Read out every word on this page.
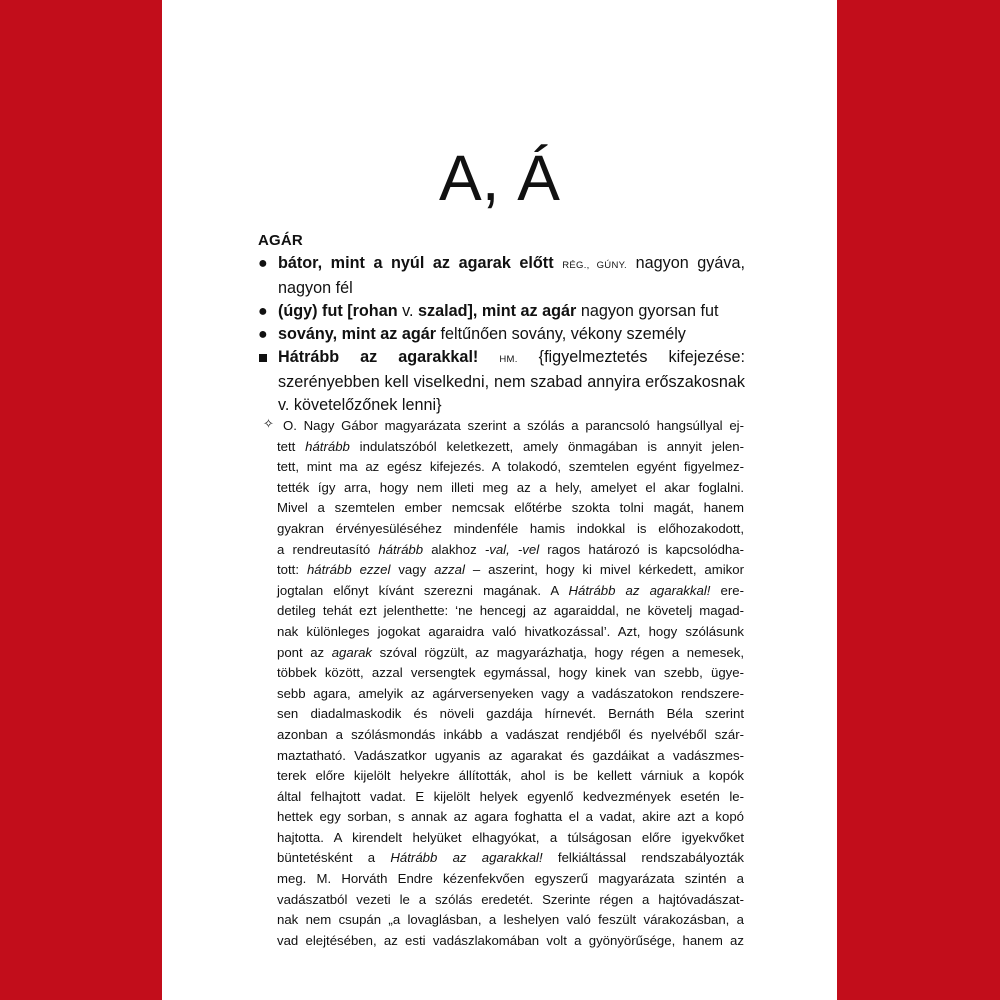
A, Á
AGÁR

● bátor, mint a nyúl az agarak előtt RÉG., GÚNY. nagyon gyáva, nagyon fél

● (úgy) fut [rohan v. szalad], mint az agár nagyon gyorsan fut

● sovány, mint az agár feltűnően sovány, vékony személy

Hátrább az agarakkal! HM. {figyelmeztetés kifejezése: szerényebben kell viselkedni, nem szabad annyira erőszakosnak v. követelőzőnek lenni}

✧ O. Nagy Gábor magyarázata szerint a szólás a parancsoló hangsúllyal ej-
tett hátrább indulatszóból keletkezett, amely önmagában is annyit jelen-
tett, mint ma az egész kifejezés. A tolakodó, szemtelen egyént figyelmez-
tették így arra, hogy nem illeti meg az a hely, amelyet el akar foglalni.
Mivel a szemtelen ember nemcsak előtérbe szokta tolni magát, hanem
gyakran érvényesüléséhez mindenféle hamis indokkal is előhozakodott,
a rendreutasító hátrább alakhoz -val, -vel ragos határozó is kapcsolódha-
tott: hátrább ezzel vagy azzal – aszerint, hogy ki mivel kérkedett, amikor
jogtalan előnyt kívánt szerezni magának. A Hátrább az agarakkal! ere-
detileg tehát ezt jelenthette: ‘ne hencegj az agaraiddal, ne követelj magad-
nak különleges jogokat agaraidra való hivatkozással’. Azt, hogy szólásunk
pont az agarak szóval rögzült, az magyarázhatja, hogy régen a nemesek,
többek között, azzal versengtek egymással, hogy kinek van szebb, ügye-
sebb agara, amelyik az agárversenyeken vagy a vadászatokon rendszere-
sen diadalmaskodik és növeli gazdája hírnevét. Bernáth Béla szerint
azonban a szólásmondás inkább a vadászat rendjéből és nyelvéből szár-
maztatható. Vadászatkor ugyanis az agarakat és gazdáikat a vadászmes-
terek előre kijelölt helyekre állították, ahol is be kellett várniuk a kopók
által felhajtott vadat. E kijelölt helyek egyenlő kedvezmények esetén le-
hettek egy sorban, s annak az agara foghatta el a vadat, akire azt a kopó
hajtotta. A kirendelt helyüket elhagyókat, a túlságosan előre igyekvőket
büntetésként a Hátrább az agarakkal! felkiáltással rendszabályozták
meg. M. Horváth Endre kézenfekvően egyszerű magyarázata szintén a
vadászatból vezeti le a szólás eredetét. Szerinte régen a hajtóvadászat-
nak nem csupán „a lovaglásban, a leshelyen való feszült várakozásban, a
vad elejtésében, az esti vadászlakomában volt a gyönyörűsége, hanem az
